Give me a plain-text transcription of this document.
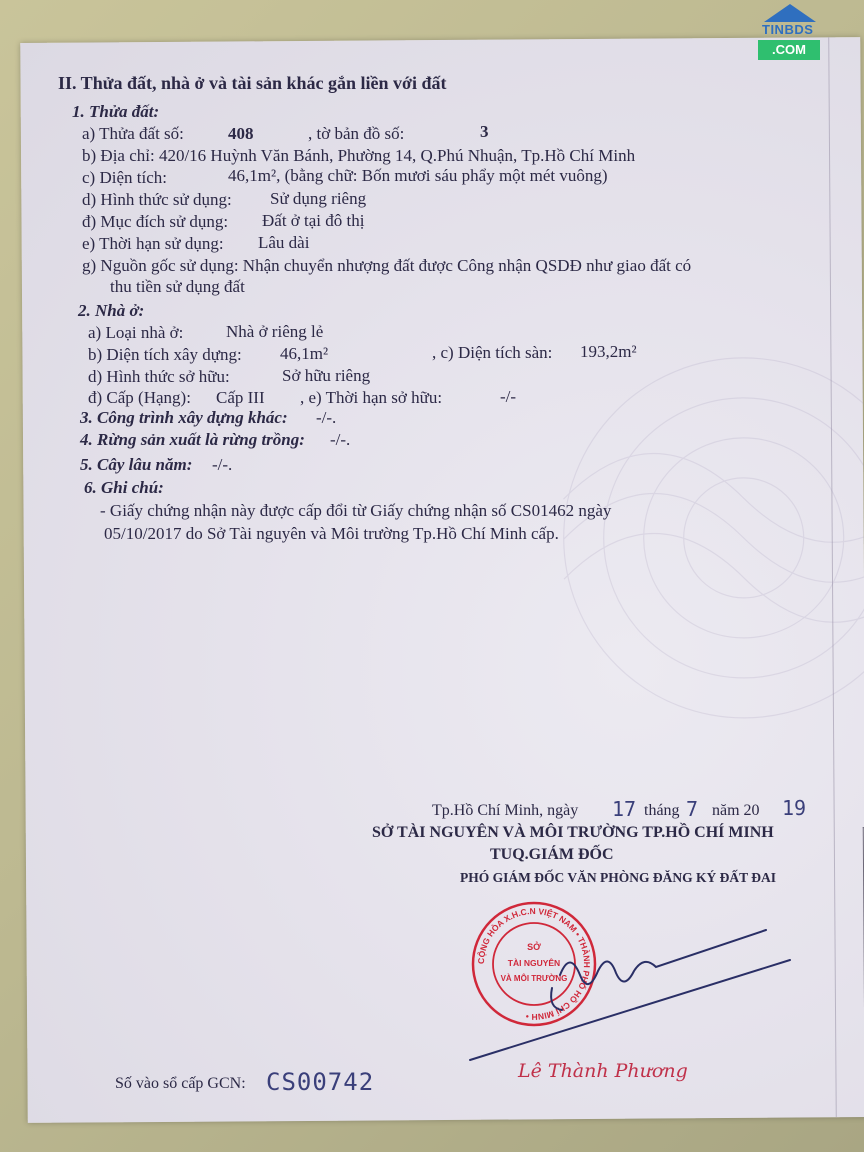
TINBDS
.COM
II. Thửa đất, nhà ở và tài sản khác gắn liền với đất
1. Thửa đất:
a) Thửa đất số:	408	, tờ bản đồ số:	3
b) Địa chỉ: 420/16 Huỳnh Văn Bánh, Phường 14, Q.Phú Nhuận, Tp.Hồ Chí Minh
c) Diện tích:	46,1m², (bằng chữ: Bốn mươi sáu phẩy một mét vuông)
d) Hình thức sử dụng: Sử dụng riêng
đ) Mục đích sử dụng: Đất ở tại đô thị
e) Thời hạn sử dụng: Lâu dài
g) Nguồn gốc sử dụng: Nhận chuyển nhượng đất được Công nhận QSDĐ như giao đất có
thu tiền sử dụng đất
2. Nhà ở:
a) Loại nhà ở:	Nhà ở riêng lẻ
b) Diện tích xây dựng: 46,1m²	, c) Diện tích sàn: 193,2m²
d) Hình thức sở hữu:	Sở hữu riêng
đ) Cấp (Hạng): Cấp III , e) Thời hạn sở hữu:	-/-
3. Công trình xây dựng khác: -/-.
4. Rừng sản xuất là rừng trồng: -/-.
5. Cây lâu năm: -/-.
6. Ghi chú:
- Giấy chứng nhận này được cấp đổi từ Giấy chứng nhận số CS01462 ngày
05/10/2017 do Sở Tài nguyên và Môi trường Tp.Hồ Chí Minh cấp.
Tp.Hồ Chí Minh, ngày 17 tháng 7 năm 20 19
SỞ TÀI NGUYÊN VÀ MÔI TRƯỜNG TP.HỒ CHÍ MINH
TUQ.GIÁM ĐỐC
PHÓ GIÁM ĐỐC VĂN PHÒNG ĐĂNG KÝ ĐẤT ĐAI
CỘNG HÒA X.H.C.N VIỆT NAM • THÀNH PHỐ HỒ CHÍ MINH •
SỞ
TÀI NGUYÊN
VÀ MÔI TRƯỜNG
Lê Thành Phương
Số vào sổ cấp GCN: CS00742
